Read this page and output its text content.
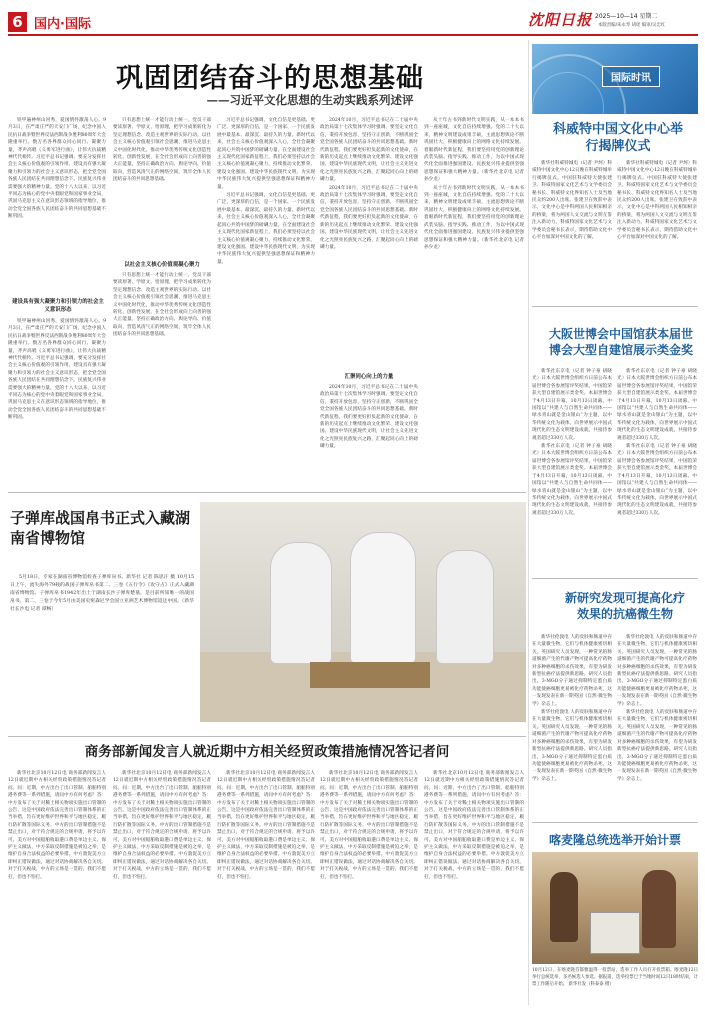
6 国内·国际	沈阳日报 2025—10—14 星期二
本版责编/朱永琴 胡瑶 编审/吴忠红
巩固团结奋斗的思想基础
——习近平文化思想的生动实践系列述评

铁甲遍神州山河秀，爱国情怀激荡人心。9月3日，在严肃庄严的天安门广场，纪念中国人民抗日战争暨世界反法西斯战争胜利80周年大会隆重举行。数万名各界群众同心同行、凝聚力量，齐声高唱《义勇军进行曲》，让伟大抗战精神代代相传。习近平总书记强调，要充分发挥社会主义核心价值观的引领作用，建设具有强大凝聚力和引领力的社会主义意识形态，把全党全国各族人民团结在共同理想信念下。民族复兴伟业需要强大的精神力量。党的十八大以来，以习近平同志为核心的党中央着眼党和国家事业全局，巩固马克思主义在意识形态领域的指导地位，推动全党全国各族人民团结奋斗的共同思想基础不断巩固。

建设具有强大凝聚力和引领力的社会主义意识形态

铁甲遍神州山河秀，爱国情怀激荡人心。9月3日，在严肃庄严的天安门广场，纪念中国人民抗日战争暨世界反法西斯战争胜利80周年大会隆重举行。数万名各界群众同心同行、凝聚力量，齐声高唱《义勇军进行曲》，让伟大抗战精神代代相传。习近平总书记强调，要充分发挥社会主义核心价值观的引领作用，建设具有强大凝聚力和引领力的社会主义意识形态，把全党全国各族人民团结在共同理想信念下。民族复兴伟业需要强大的精神力量。党的十八大以来，以习近平同志为核心的党中央着眼党和国家事业全局，巩固马克思主义在意识形态领域的指导地位，推动全党全国各族人民团结奋斗的共同思想基础不断巩固。

只有思想上统一才能行动上统一。党员干部要读原著、学原文、悟原理，把学习成果转化为坚定理想信念、改造主观世界的实际行动。以社会主义核心价值观引领社会思潮，推进马克思主义中国化时代化，推动中华优秀传统文化创造性转化、创新性发展，在全社会形成向上向善的强大正能量。坚持正确政治方向、舆论导向、价值取向，营造风清气正的网络空间，筑牢全体人民团结奋斗的共同思想基础。

以社会主义核心价值观凝心聚力

只有思想上统一才能行动上统一。党员干部要读原著、学原文、悟原理，把学习成果转化为坚定理想信念、改造主观世界的实际行动。以社会主义核心价值观引领社会思潮，推进马克思主义中国化时代化，推动中华优秀传统文化创造性转化、创新性发展，在全社会形成向上向善的强大正能量。坚持正确政治方向、舆论导向、价值取向，营造风清气正的网络空间，筑牢全体人民团结奋斗的共同思想基础。

习近平总书记强调，文化自信是更基础、更广泛、更深厚的自信，是一个国家、一个民族发展中最基本、最深沉、最持久的力量。新时代以来，社会主义核心价值观深入人心，全社会凝聚起同心共筑中国梦的磅礴力量。在全面建设社会主义现代化国家新征程上，我们必须坚持以社会主义核心价值观凝心聚力，持续推动文化繁荣、建设文化强国、建设中华民族现代文明，为实现中华民族伟大复兴提供坚强思想保证和精神力量。

习近平总书记强调，文化自信是更基础、更广泛、更深厚的自信，是一个国家、一个民族发展中最基本、最深沉、最持久的力量。新时代以来，社会主义核心价值观深入人心，全社会凝聚起同心共筑中国梦的磅礴力量。在全面建设社会主义现代化国家新征程上，我们必须坚持以社会主义核心价值观凝心聚力，持续推动文化繁荣、建设文化强国、建设中华民族现代文明，为实现中华民族伟大复兴提供坚强思想保证和精神力量。

2024年10月，习近平总书记在二十届中央政治局第十七次集体学习时强调，要坚定文化自信，秉持开放包容，坚持守正创新，不断巩固全党全国各族人民团结奋斗的共同思想基础。新时代新征程，我们要更好担负起新的文化使命，在新的历史起点上继续推动文化繁荣、建设文化强国、建设中华民族现代文明，让社会主义先进文化之光照亮民族复兴之路，汇聚起同心向上的磅礴力量。

2024年10月，习近平总书记在二十届中央政治局第十七次集体学习时强调，要坚定文化自信，秉持开放包容，坚持守正创新，不断巩固全党全国各族人民团结奋斗的共同思想基础。新时代新征程，我们要更好担负起新的文化使命，在新的历史起点上继续推动文化繁荣、建设文化强国、建设中华民族现代文明，让社会主义先进文化之光照亮民族复兴之路，汇聚起同心向上的磅礴力量。

汇聚同心向上的力量

2024年10月，习近平总书记在二十届中央政治局第十七次集体学习时强调，要坚定文化自信，秉持开放包容，坚持守正创新，不断巩固全党全国各族人民团结奋斗的共同思想基础。新时代新征程，我们要更好担负起新的文化使命，在新的历史起点上继续推动文化繁荣、建设文化强国、建设中华民族现代文明，让社会主义先进文化之光照亮民族复兴之路，汇聚起同心向上的磅礴力量。

从十年古书到新时代文明实践，从一本本书到一座座城，文化自信持续增强。党的二十大以来，精神文明建设成果丰硕，主流思想舆论不断巩固壮大，积极健康向上的网络文化持续发展。着眼新时代新征程，我们要坚持用党的创新理论武装头脑、指导实践、推动工作，为以中国式现代化全面推进强国建设、民族复兴伟业提供坚强思想保证和强大精神力量。（新华社北京电 记者 孙少龙）

从十年古书到新时代文明实践，从一本本书到一座座城，文化自信持续增强。党的二十大以来，精神文明建设成果丰硕，主流思想舆论不断巩固壮大，积极健康向上的网络文化持续发展。着眼新时代新征程，我们要坚持用党的创新理论武装头脑、指导实践、推动工作，为以中国式现代化全面推进强国建设、民族复兴伟业提供坚强思想保证和强大精神力量。（新华社北京电 记者 孙少龙）

国际时讯
科威特中国文化中心举行揭牌仪式

新华社科威特城电（记者 尹炣）科威特中国文化中心12日晚在科威特城举行揭牌仪式。中国驻科威特大使张建卫、科威特国家文化艺术与文学委员会秘书长、科威特文化界知名人士及当地民众约200人出席。张建卫在致辞中表示，文化中心是中科两国人民相知相亲的桥梁，将为两国人文交流与文明互鉴注入新动力。科威特国家文化艺术与文学委员会秘书长表示，期待借助文化中心平台加深对中国文化的了解。

新华社科威特城电（记者 尹炣）科威特中国文化中心12日晚在科威特城举行揭牌仪式。中国驻科威特大使张建卫、科威特国家文化艺术与文学委员会秘书长、科威特文化界知名人士及当地民众约200人出席。张建卫在致辞中表示，文化中心是中科两国人民相知相亲的桥梁，将为两国人文交流与文明互鉴注入新动力。科威特国家文化艺术与文学委员会秘书长表示，期待借助文化中心平台加深对中国文化的了解。

大阪世博会中国馆获本届世博会大型自建馆展示类金奖

新华社东京电（记者 钟子豪 胡晓光）日本大阪世博会组织方日前公布本届世博会各参展馆评奖结果，中国馆荣获大型自建馆展示类金奖。本届世博会于4月13日开幕，10月13日闭幕。中国馆以“共建人与自然生命共同体——绿水青山就是金山银山”为主题，以中华传统文化为载体，向世界展示中国式现代化的生态文明建设成就，共接待参观者超过330万人次。

新华社东京电（记者 钟子豪 胡晓光）日本大阪世博会组织方日前公布本届世博会各参展馆评奖结果，中国馆荣获大型自建馆展示类金奖。本届世博会于4月13日开幕，10月13日闭幕。中国馆以“共建人与自然生命共同体——绿水青山就是金山银山”为主题，以中华传统文化为载体，向世界展示中国式现代化的生态文明建设成就，共接待参观者超过330万人次。

新华社东京电（记者 钟子豪 胡晓光）日本大阪世博会组织方日前公布本届世博会各参展馆评奖结果，中国馆荣获大型自建馆展示类金奖。本届世博会于4月13日开幕，10月13日闭幕。中国馆以“共建人与自然生命共同体——绿水青山就是金山银山”为主题，以中华传统文化为载体，向世界展示中国式现代化的生态文明建设成就，共接待参观者超过330万人次。

新华社东京电（记者 钟子豪 胡晓光）日本大阪世博会组织方日前公布本届世博会各参展馆评奖结果，中国馆荣获大型自建馆展示类金奖。本届世博会于4月13日开幕，10月13日闭幕。中国馆以“共建人与自然生命共同体——绿水青山就是金山银山”为主题，以中华传统文化为载体，向世界展示中国式现代化的生态文明建设成就，共接待参观者超过330万人次。

新研究发现可提高化疗效果的抗癌微生物

新华社伦敦电 人的皮肤和肠道中存在大量微生物，它们与机体健康密切相关。英国研究人员发现，一种常见的肠道细菌产生的代谢产物可提高化疗药物对多种癌细胞的杀伤效果，有望为研发新型抗癌疗法提供新思路。研究人员指出，3-MGO分子通过抑制特定蛋白质功能使癌细胞更易被化疗药物杀死，这一发现发表在新一期英国《自然·微生物学》杂志上。

新华社伦敦电 人的皮肤和肠道中存在大量微生物，它们与机体健康密切相关。英国研究人员发现，一种常见的肠道细菌产生的代谢产物可提高化疗药物对多种癌细胞的杀伤效果，有望为研发新型抗癌疗法提供新思路。研究人员指出，3-MGO分子通过抑制特定蛋白质功能使癌细胞更易被化疗药物杀死，这一发现发表在新一期英国《自然·微生物学》杂志上。

新华社伦敦电 人的皮肤和肠道中存在大量微生物，它们与机体健康密切相关。英国研究人员发现，一种常见的肠道细菌产生的代谢产物可提高化疗药物对多种癌细胞的杀伤效果，有望为研发新型抗癌疗法提供新思路。研究人员指出，3-MGO分子通过抑制特定蛋白质功能使癌细胞更易被化疗药物杀死，这一发现发表在新一期英国《自然·微生物学》杂志上。

新华社伦敦电 人的皮肤和肠道中存在大量微生物，它们与机体健康密切相关。英国研究人员发现，一种常见的肠道细菌产生的代谢产物可提高化疗药物对多种癌细胞的杀伤效果，有望为研发新型抗癌疗法提供新思路。研究人员指出，3-MGO分子通过抑制特定蛋白质功能使癌细胞更易被化疗药物杀死，这一发现发表在新一期英国《自然·微生物学》杂志上。

喀麦隆总统选举开始计票

10月12日，在喀麦隆首都雅温得一投票站，选举工作人员打开投票箱。喀麦隆12日举行总统选举，多名候选人参选。据报道，选举投票已于当地时间12日18时结束，计票工作随后开始。 新华社发（科泰泰 摄）

子弹库战国帛书正式入藏湖南省博物馆

5月18日，专家在湖南省博物馆检查子弹库帛书。新华社 记者 陈思汗 摄 10月15日上午，流失海外79载的战国子弹库帛书第二、三卷《五行令》《攻守占》正式入藏湖南省博物馆。子弹库帛书1942年出土于湖南长沙子弹库楚墓，是目前所知唯一的战国帛书。第二、三卷于今年5月由美国史密森尼学会国立亚洲艺术博物馆返还中国。（新华社长沙电 记者 谭畅）

商务部新闻发言人就近期中方相关经贸政策措施情况答记者问

新华社北京10月12日电 商务部新闻发言人12日就近期中方相关经贸政策措施情况答记者问。问：近期，中方出台了出口管制、船舶特别港务费等一系列措施，请问中方有何考虑？答：中方发布了关于对稀土相关物项实施出口管制的公告，这是中国政府依法完善出口管制体系的正当举措，旨在更好维护世界和平与地区稳定，履行防扩散等国际义务。中方的出口管制措施不是禁止出口，对于符合规定的合规申请，将予以许可。美方对中国船舶收取港口费是单边主义、保护主义做法，中方采取反制措施是被迫之举，是维护自身合法权益的必要举措。中方敦促美方立即纠正错误做法，通过对话协商解决各自关切。对于打关税战，中方的立场是一贯的，我们不愿打，但也不怕打。

新华社北京10月12日电 商务部新闻发言人12日就近期中方相关经贸政策措施情况答记者问。问：近期，中方出台了出口管制、船舶特别港务费等一系列措施，请问中方有何考虑？答：中方发布了关于对稀土相关物项实施出口管制的公告，这是中国政府依法完善出口管制体系的正当举措，旨在更好维护世界和平与地区稳定，履行防扩散等国际义务。中方的出口管制措施不是禁止出口，对于符合规定的合规申请，将予以许可。美方对中国船舶收取港口费是单边主义、保护主义做法，中方采取反制措施是被迫之举，是维护自身合法权益的必要举措。中方敦促美方立即纠正错误做法，通过对话协商解决各自关切。对于打关税战，中方的立场是一贯的，我们不愿打，但也不怕打。

新华社北京10月12日电 商务部新闻发言人12日就近期中方相关经贸政策措施情况答记者问。问：近期，中方出台了出口管制、船舶特别港务费等一系列措施，请问中方有何考虑？答：中方发布了关于对稀土相关物项实施出口管制的公告，这是中国政府依法完善出口管制体系的正当举措，旨在更好维护世界和平与地区稳定，履行防扩散等国际义务。中方的出口管制措施不是禁止出口，对于符合规定的合规申请，将予以许可。美方对中国船舶收取港口费是单边主义、保护主义做法，中方采取反制措施是被迫之举，是维护自身合法权益的必要举措。中方敦促美方立即纠正错误做法，通过对话协商解决各自关切。对于打关税战，中方的立场是一贯的，我们不愿打，但也不怕打。

新华社北京10月12日电 商务部新闻发言人12日就近期中方相关经贸政策措施情况答记者问。问：近期，中方出台了出口管制、船舶特别港务费等一系列措施，请问中方有何考虑？答：中方发布了关于对稀土相关物项实施出口管制的公告，这是中国政府依法完善出口管制体系的正当举措，旨在更好维护世界和平与地区稳定，履行防扩散等国际义务。中方的出口管制措施不是禁止出口，对于符合规定的合规申请，将予以许可。美方对中国船舶收取港口费是单边主义、保护主义做法，中方采取反制措施是被迫之举，是维护自身合法权益的必要举措。中方敦促美方立即纠正错误做法，通过对话协商解决各自关切。对于打关税战，中方的立场是一贯的，我们不愿打，但也不怕打。

新华社北京10月12日电 商务部新闻发言人12日就近期中方相关经贸政策措施情况答记者问。问：近期，中方出台了出口管制、船舶特别港务费等一系列措施，请问中方有何考虑？答：中方发布了关于对稀土相关物项实施出口管制的公告，这是中国政府依法完善出口管制体系的正当举措，旨在更好维护世界和平与地区稳定，履行防扩散等国际义务。中方的出口管制措施不是禁止出口，对于符合规定的合规申请，将予以许可。美方对中国船舶收取港口费是单边主义、保护主义做法，中方采取反制措施是被迫之举，是维护自身合法权益的必要举措。中方敦促美方立即纠正错误做法，通过对话协商解决各自关切。对于打关税战，中方的立场是一贯的，我们不愿打，但也不怕打。
